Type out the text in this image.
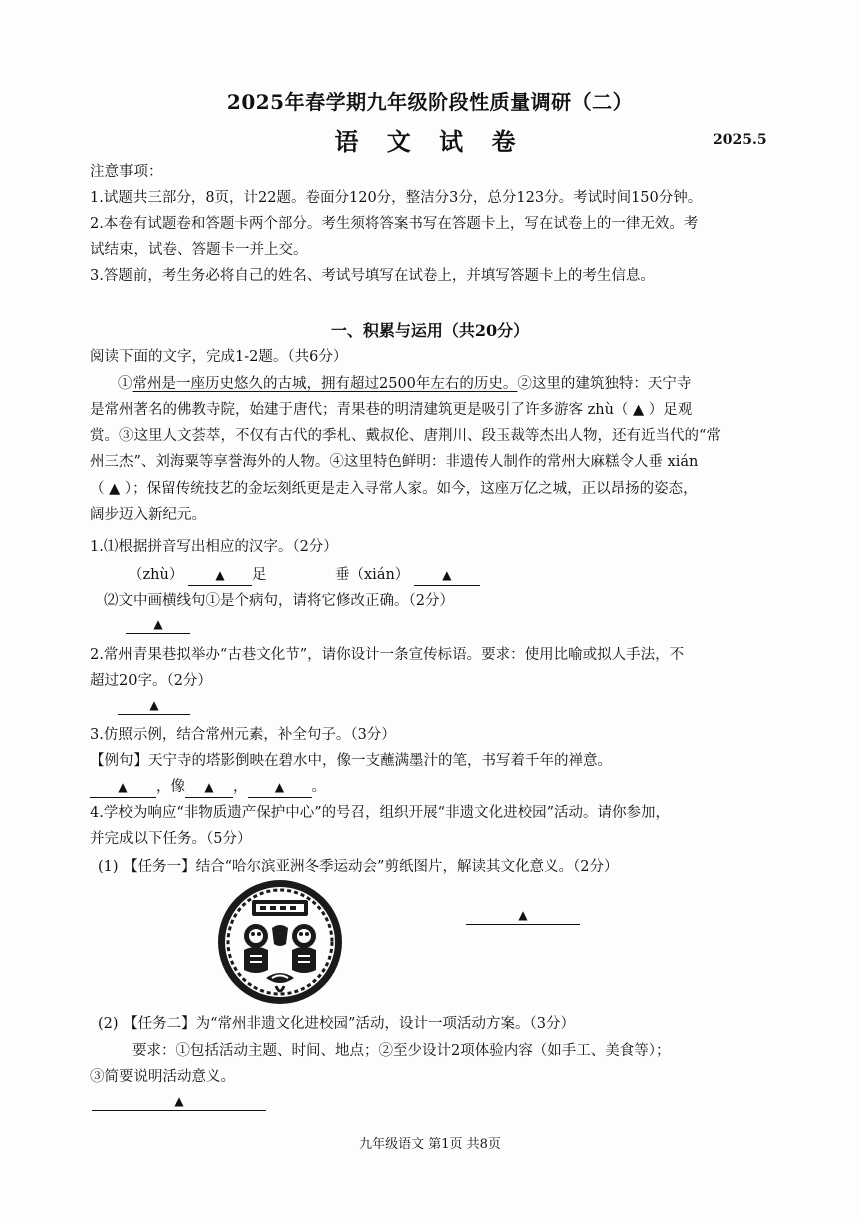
2025年春学期九年级阶段性质量调研（二）
语 文 试 卷	2025.5
注意事项：
1.试题共三部分，8页，计22题。卷面分120分，整洁分3分，总分123分。考试时间150分钟。
2.本卷有试题卷和答题卡两个部分。考生须将答案书写在答题卡上，写在试卷上的一律无效。考
试结束，试卷、答题卡一并上交。
3.答题前，考生务必将自己的姓名、考试号填写在试卷上，并填写答题卡上的考生信息。
一、积累与运用（共20分）
阅读下面的文字，完成1-2题。（共6分）
①常州是一座历史悠久的古城，拥有超过2500年左右的历史。②这里的建筑独特：天宁寺
是常州著名的佛教寺院，始建于唐代；青果巷的明清建筑更是吸引了许多游客 zhù（ ▲ ）足观
赏。③这里人文荟萃，不仅有古代的季札、戴叔伦、唐荆川、段玉裁等杰出人物，还有近当代的“常
州三杰”、刘海粟等享誉海外的人物。④这里特色鲜明：非遗传人制作的常州大麻糕令人垂 xián
（ ▲ ）；保留传统技艺的金坛刻纸更是走入寻常人家。如今，这座万亿之城，正以昂扬的姿态，
阔步迈入新纪元。
1.⑴根据拼音写出相应的汉字。（2分）
（zhù）	▲ 足	垂（xián）	▲
⑵文中画横线句①是个病句，请将它修改正确。（2分）
▲
2.常州青果巷拟举办“古巷文化节”，请你设计一条宣传标语。要求：使用比喻或拟人手法，不
超过20字。（2分）
▲
3.仿照示例，结合常州元素，补全句子。（3分）
【例句】天宁寺的塔影倒映在碧水中，像一支蘸满墨汁的笔，书写着千年的禅意。
▲ ，像 ▲ ， ▲ 。
4.学校为响应“非物质遗产保护中心”的号召，组织开展“非遗文化进校园”活动。请你参加，
并完成以下任务。（5分）
(1) 【任务一】结合“哈尔滨亚洲冬季运动会”剪纸图片，解读其文化意义。（2分）
▲
(2) 【任务二】为“常州非遗文化进校园”活动，设计一项活动方案。（3分）
要求：①包括活动主题、时间、地点；②至少设计2项体验内容（如手工、美食等）；
③简要说明活动意义。
▲
九年级语文 第1页 共8页
